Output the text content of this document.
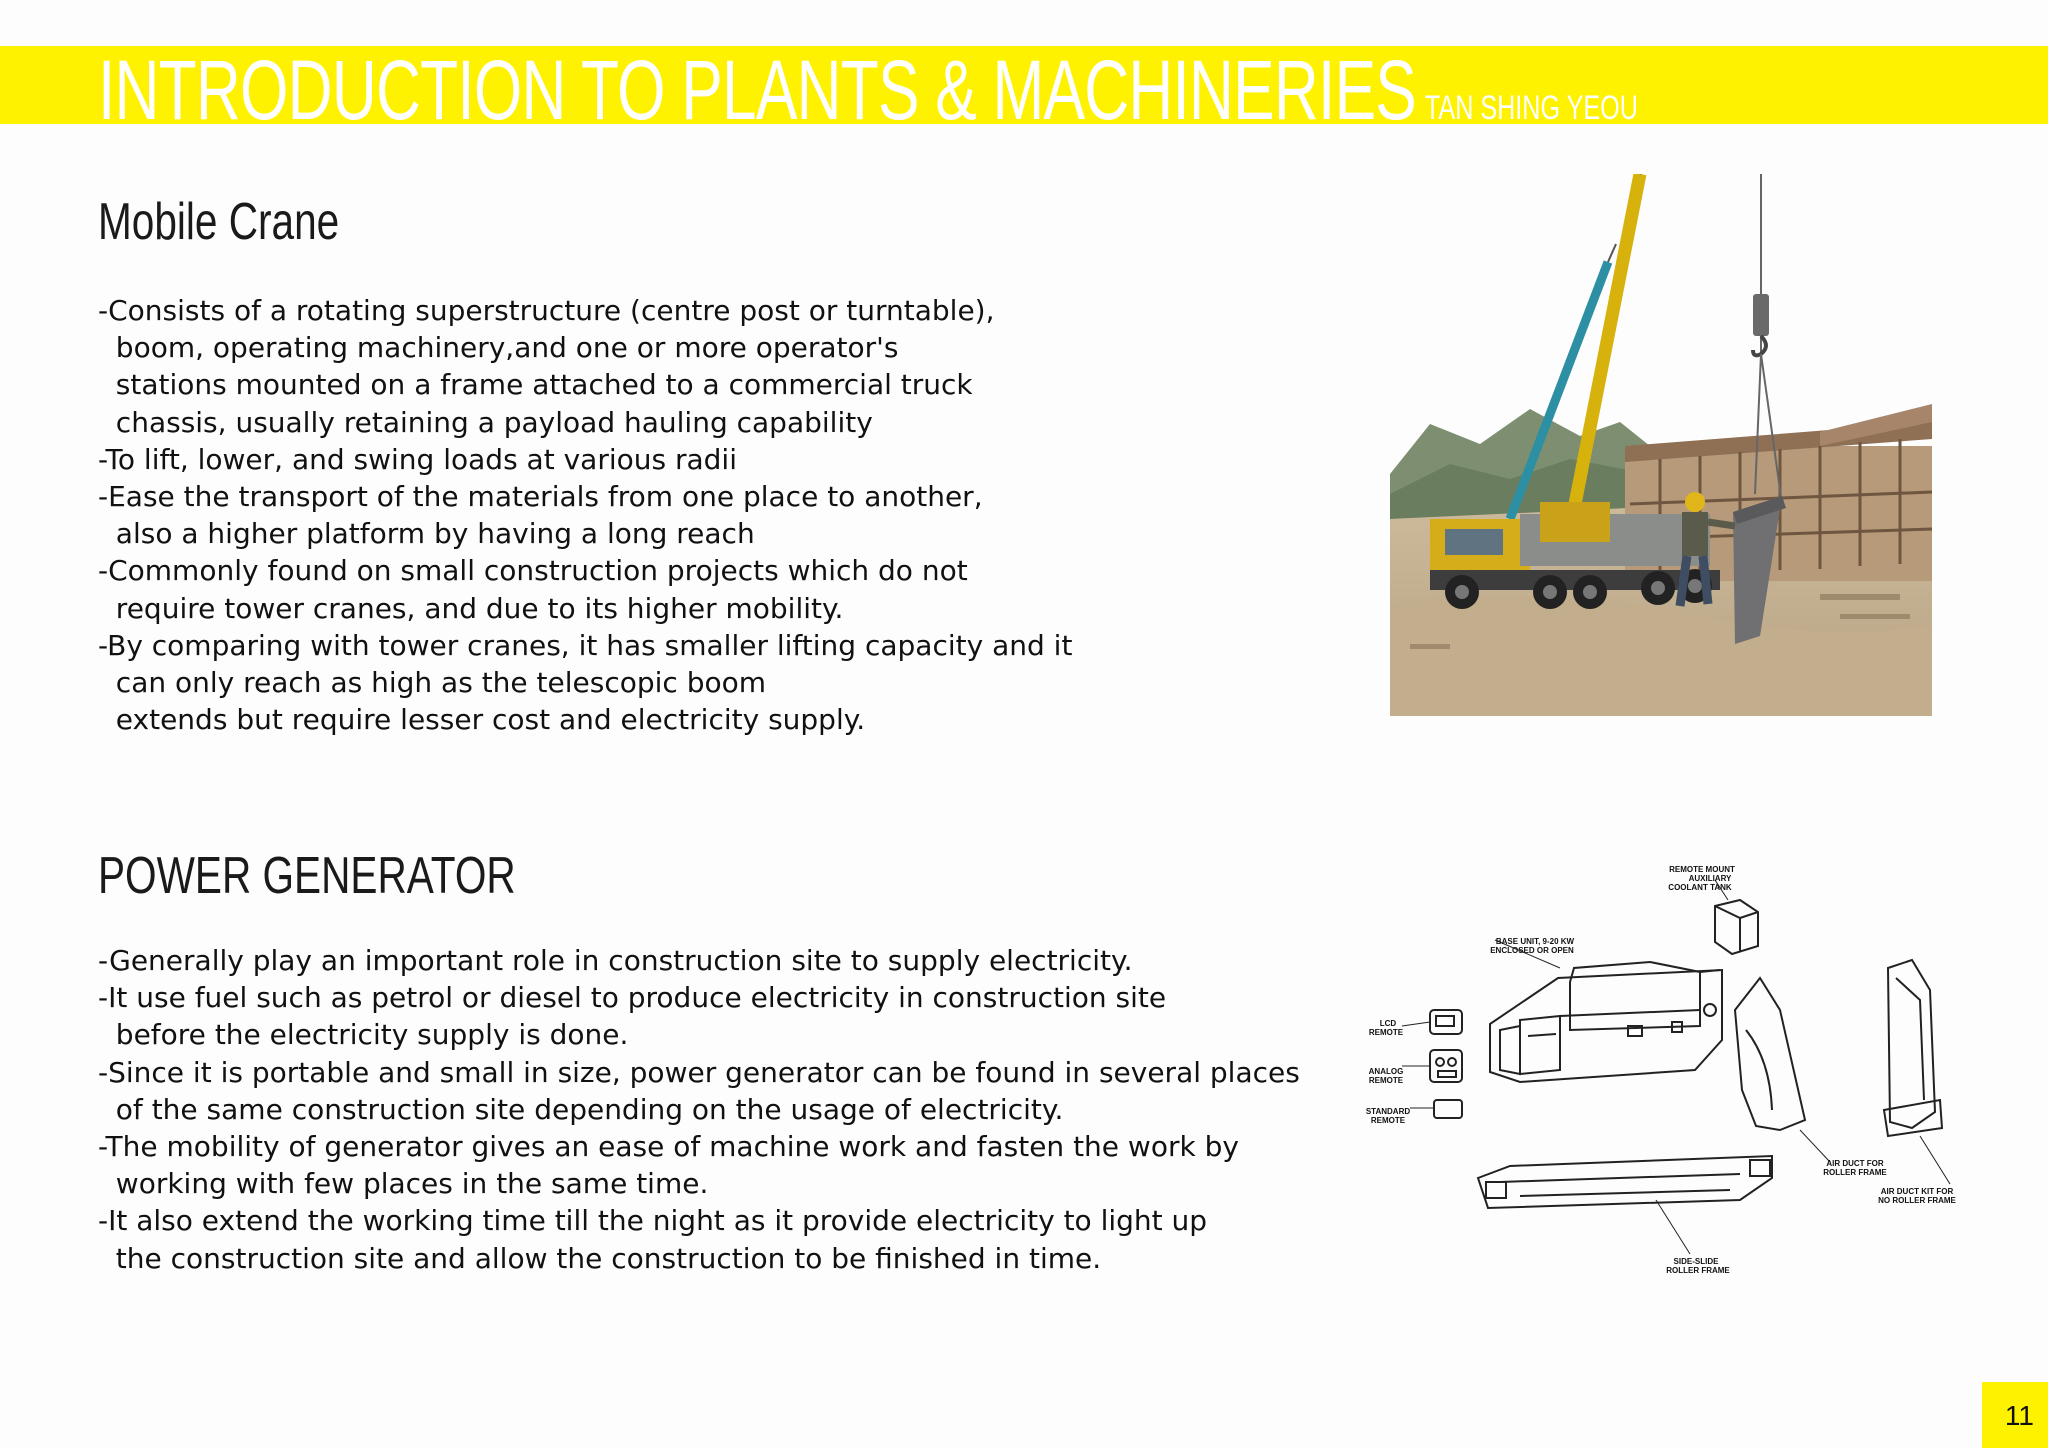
INTRODUCTION TO PLANTS & MACHINERIES TAN SHING YEOU
Mobile Crane
-Consists of a rotating superstructure (centre post or turntable),
boom, operating machinery,and one or more operator's
stations mounted on a frame attached to a commercial truck
chassis, usually retaining a payload hauling capability
-To lift, lower, and swing loads at various radii
-Ease the transport of the materials from one place to another,
also a higher platform by having a long reach
-Commonly found on small construction projects which do not
require tower cranes, and due to its higher mobility.
-By comparing with tower cranes, it has smaller lifting capacity and it
can only reach as high as the telescopic boom
extends but require lesser cost and electricity supply.
POWER GENERATOR
-Generally play an important role in construction site to supply electricity.
-It use fuel such as petrol or diesel to produce electricity in construction site
before the electricity supply is done.
-Since it is portable and small in size, power generator can be found in several places
of the same construction site depending on the usage of electricity.
-The mobility of generator gives an ease of machine work and fasten the work by
working with few places in the same time.
-It also extend the working time till the night as it provide electricity to light up
the construction site and allow the construction to be finished in time.
REMOTE MOUNT
AUXILIARY
COOLANT TANK
BASE UNIT, 9-20 KW
ENCLOSED OR OPEN
LCD
REMOTE
ANALOG
REMOTE
STANDARD
REMOTE
AIR DUCT FOR
ROLLER FRAME
AIR DUCT KIT FOR
NO ROLLER FRAME
SIDE-SLIDE
ROLLER FRAME
11
